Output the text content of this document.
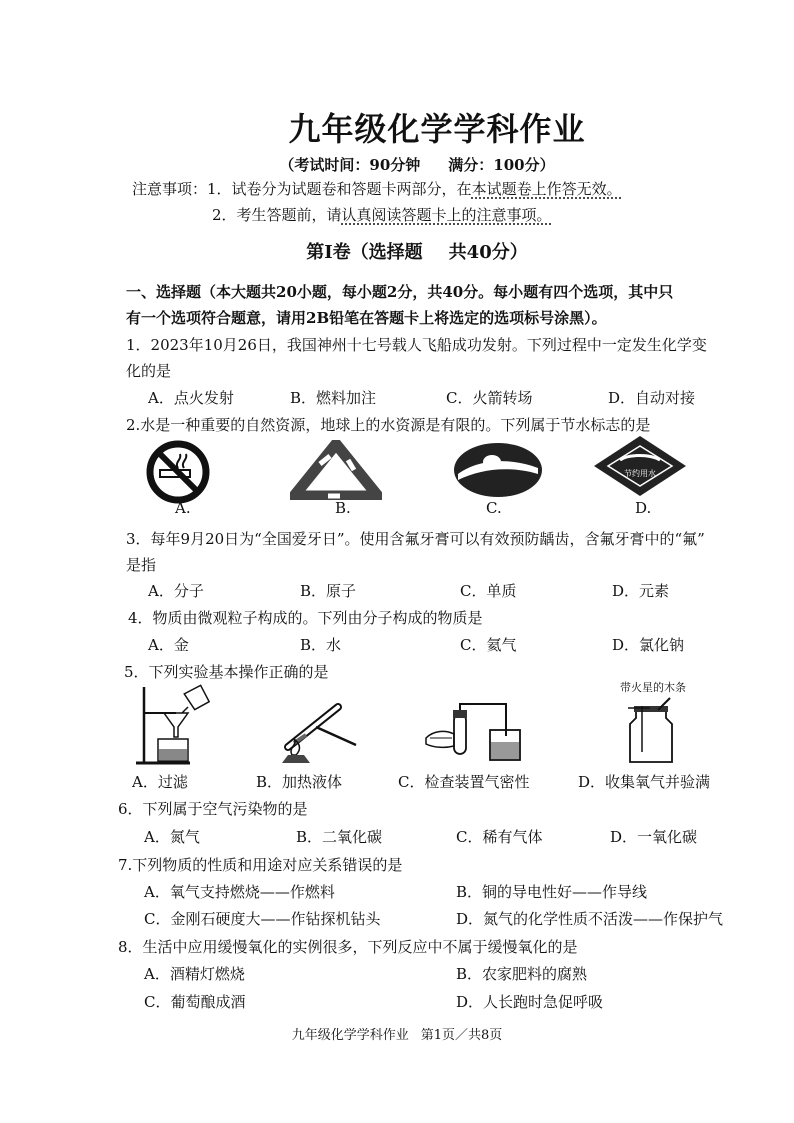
九年级化学学科作业
（考试时间：90分钟 满分：100分）
注意事项：1．试卷分为试题卷和答题卡两部分，在本试题卷上作答无效。
2．考生答题前，请认真阅读答题卡上的注意事项。
第Ⅰ卷（选择题 共40分）
一、选择题（本大题共20小题，每小题2分，共40分。每小题有四个选项，其中只
有一个选项符合题意，请用2B铅笔在答题卡上将选定的选项标号涂黑）。
1．2023年10月26日，我国神州十七号载人飞船成功发射。下列过程中一定发生化学变
化的是
A．点火发射	B．燃料加注	C．火箭转场	D．自动对接
2.水是一种重要的自然资源，地球上的水资源是有限的。下列属于节水标志的是
A.	B.	C.
节约用水
D.
3．每年9月20日为“全国爱牙日”。使用含氟牙膏可以有效预防龋齿，含氟牙膏中的“氟”
是指
A．分子	B．原子	C．单质	D．元素
4．物质由微观粒子构成的。下列由分子构成的物质是
A．金	B．水	C．氦气	D．氯化钠
5．下列实验基本操作正确的是
A．过滤	B．加热液体	C．检查装置气密性
带火星的木条
D．收集氧气并验满
6．下列属于空气污染物的是
A．氮气	B．二氧化碳	C．稀有气体	D．一氧化碳
7.下列物质的性质和用途对应关系错误的是
A．氧气支持燃烧——作燃料	B．铜的导电性好——作导线
C．金刚石硬度大——作钻探机钻头	D．氮气的化学性质不活泼——作保护气
8．生活中应用缓慢氧化的实例很多，下列反应中不属于缓慢氧化的是
A．酒精灯燃烧	B．农家肥料的腐熟
C．葡萄酿成酒	D．人长跑时急促呼吸
九年级化学学科作业 第1页／共8页
